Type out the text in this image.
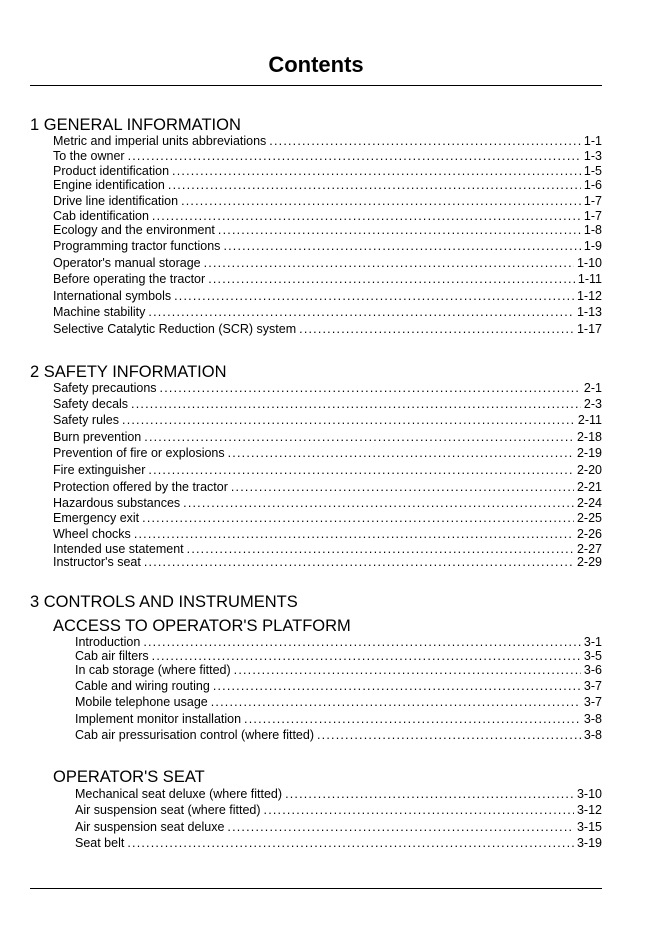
Contents
1 GENERAL INFORMATION
Metric and imperial units abbreviations .....	1-1
To the owner .....	1-3
Product identification .....	1-5
Engine identification .....	1-6
Drive line identification .....	1-7
Cab identification .....	1-7
Ecology and the environment .....	1-8
Programming tractor functions .....	1-9
Operator's manual storage .....	1-10
Before operating the tractor .....	1-11
International symbols .....	1-12
Machine stability .....	1-13
Selective Catalytic Reduction (SCR) system .....	1-17
2 SAFETY INFORMATION
Safety precautions .....	2-1
Safety decals .....	2-3
Safety rules .....	2-11
Burn prevention .....	2-18
Prevention of fire or explosions .....	2-19
Fire extinguisher .....	2-20
Protection offered by the tractor .....	2-21
Hazardous substances .....	2-24
Emergency exit .....	2-25
Wheel chocks .....	2-26
Intended use statement .....	2-27
Instructor's seat .....	2-29
3 CONTROLS AND INSTRUMENTS
ACCESS TO OPERATOR'S PLATFORM
Introduction .....	3-1
Cab air filters .....	3-5
In cab storage (where fitted) .....	3-6
Cable and wiring routing .....	3-7
Mobile telephone usage .....	3-7
Implement monitor installation .....	3-8
Cab air pressurisation control (where fitted) .....	3-8
OPERATOR'S SEAT
Mechanical seat deluxe (where fitted) .....	3-10
Air suspension seat (where fitted) .....	3-12
Air suspension seat deluxe .....	3-15
Seat belt .....	3-19
